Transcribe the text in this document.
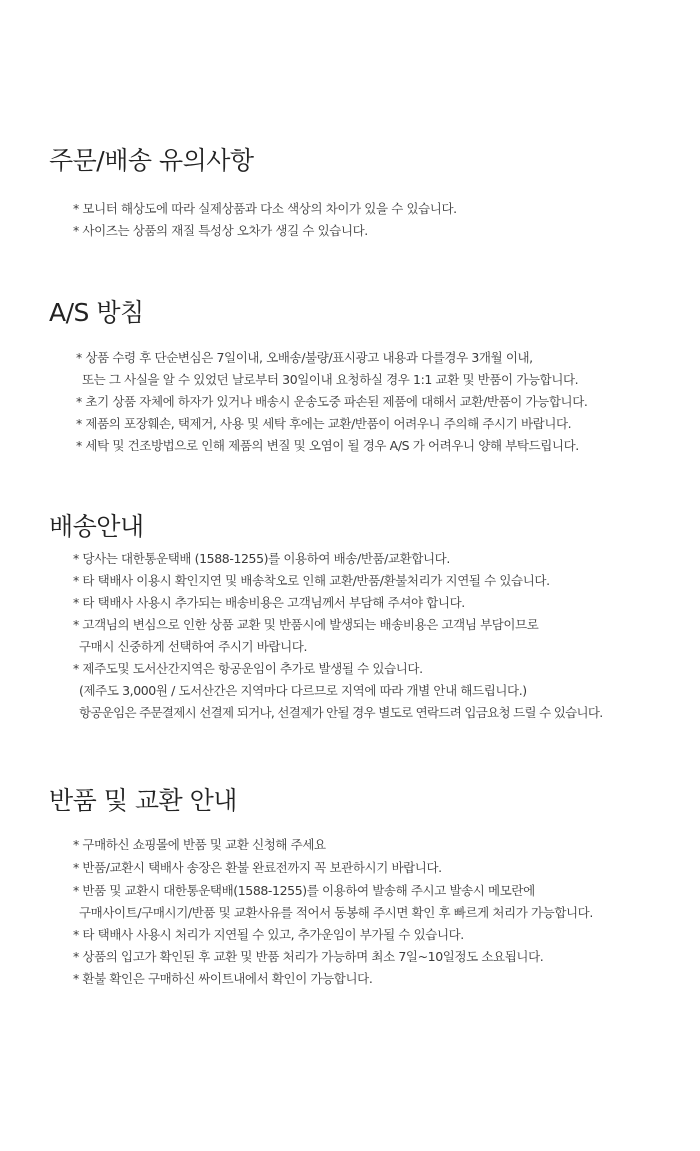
주문/배송 유의사항

* 모니터 해상도에 따라 실제상품과 다소 색상의 차이가 있을 수 있습니다.

* 사이즈는 상품의 재질 특성상 오차가 생길 수 있습니다.

A/S 방침

* 상품 수령 후 단순변심은 7일이내, 오배송/불량/표시광고 내용과 다를경우 3개월 이내,

또는 그 사실을 알 수 있었던 날로부터 30일이내 요청하실 경우 1:1 교환 및 반품이 가능합니다.

* 초기 상품 자체에 하자가 있거나 배송시 운송도중 파손된 제품에 대해서 교환/반품이 가능합니다.

* 제품의 포장훼손, 택제거, 사용 및 세탁 후에는 교환/반품이 어려우니 주의해 주시기 바랍니다.

* 세탁 및 건조방법으로 인해 제품의 변질 및 오염이 될 경우 A/S 가 어려우니 양해 부탁드립니다.

배송안내

* 당사는 대한통운택배 (1588-1255)를 이용하여 배송/반품/교환합니다.

* 타 택배사 이용시 확인지연 및 배송착오로 인해 교환/반품/환불처리가 지연될 수 있습니다.

* 타 택배사 사용시 추가되는 배송비용은 고객님께서 부담해 주셔야 합니다.

* 고객님의 변심으로 인한 상품 교환 및 반품시에 발생되는 배송비용은 고객님 부담이므로

구매시 신중하게 선택하여 주시기 바랍니다.

* 제주도및 도서산간지역은 항공운임이 추가로 발생될 수 있습니다.

(제주도 3,000원 / 도서산간은 지역마다 다르므로 지역에 따라 개별 안내 해드립니다.)

항공운임은 주문결제시 선결제 되거나, 선결제가 안될 경우 별도로 연락드려 입금요청 드릴 수 있습니다.

반품 및 교환 안내

* 구매하신 쇼핑몰에 반품 및 교환 신청해 주세요

* 반품/교환시 택배사 송장은 환불 완료전까지 꼭 보관하시기 바랍니다.

* 반품 및 교환시 대한통운택배(1588-1255)를 이용하여 발송해 주시고 발송시 메모란에

구매사이트/구매시기/반품 및 교환사유를 적어서 동봉해 주시면 확인 후 빠르게 처리가 가능합니다.

* 타 택배사 사용시 처리가 지연될 수 있고, 추가운임이 부가될 수 있습니다.

* 상품의 입고가 확인된 후 교환 및 반품 처리가 가능하며 최소 7일~10일정도 소요됩니다.

* 환불 확인은 구매하신 싸이트내에서 확인이 가능합니다.
